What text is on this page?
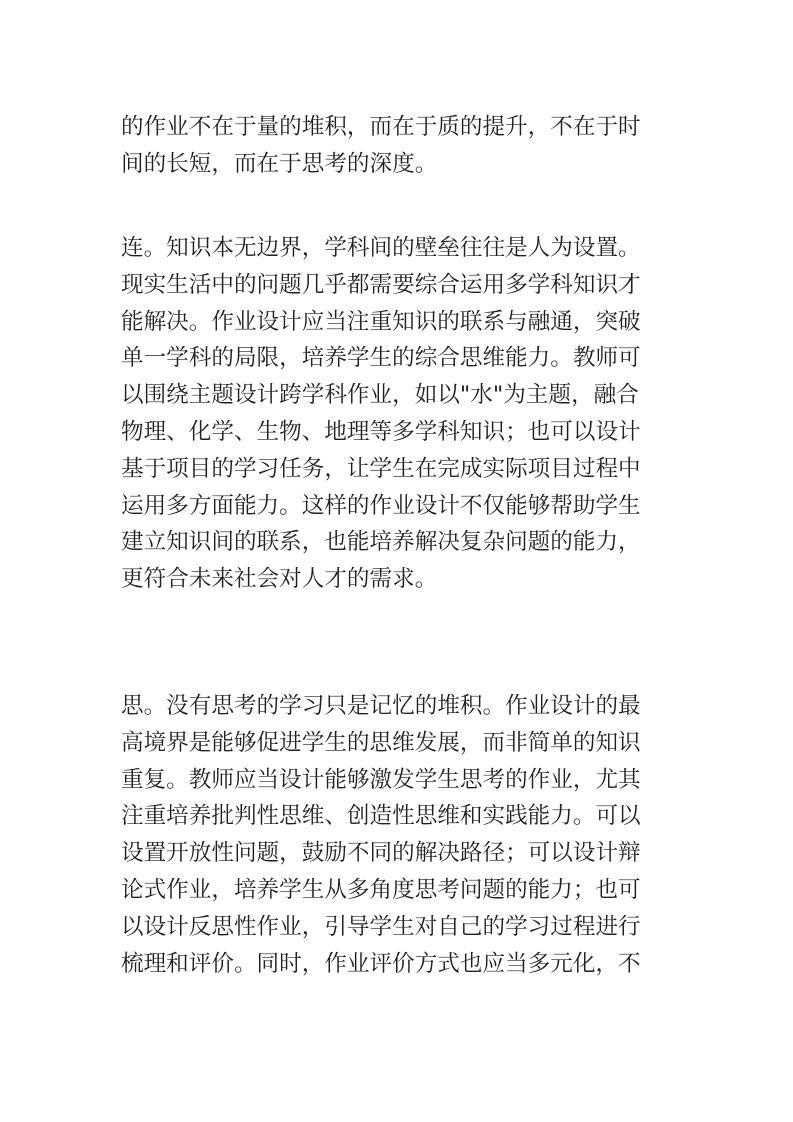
的作业不在于量的堆积，而在于质的提升，不在于时
间的长短，而在于思考的深度。
连。知识本无边界，学科间的壁垒往往是人为设置。
现实生活中的问题几乎都需要综合运用多学科知识才
能解决。作业设计应当注重知识的联系与融通，突破
单一学科的局限，培养学生的综合思维能力。教师可
以围绕主题设计跨学科作业，如以"水"为主题，融合
物理、化学、生物、地理等多学科知识；也可以设计
基于项目的学习任务，让学生在完成实际项目过程中
运用多方面能力。这样的作业设计不仅能够帮助学生
建立知识间的联系，也能培养解决复杂问题的能力，
更符合未来社会对人才的需求。
思。没有思考的学习只是记忆的堆积。作业设计的最
高境界是能够促进学生的思维发展，而非简单的知识
重复。教师应当设计能够激发学生思考的作业，尤其
注重培养批判性思维、创造性思维和实践能力。可以
设置开放性问题，鼓励不同的解决路径；可以设计辩
论式作业，培养学生从多角度思考问题的能力；也可
以设计反思性作业，引导学生对自己的学习过程进行
梳理和评价。同时，作业评价方式也应当多元化，不
